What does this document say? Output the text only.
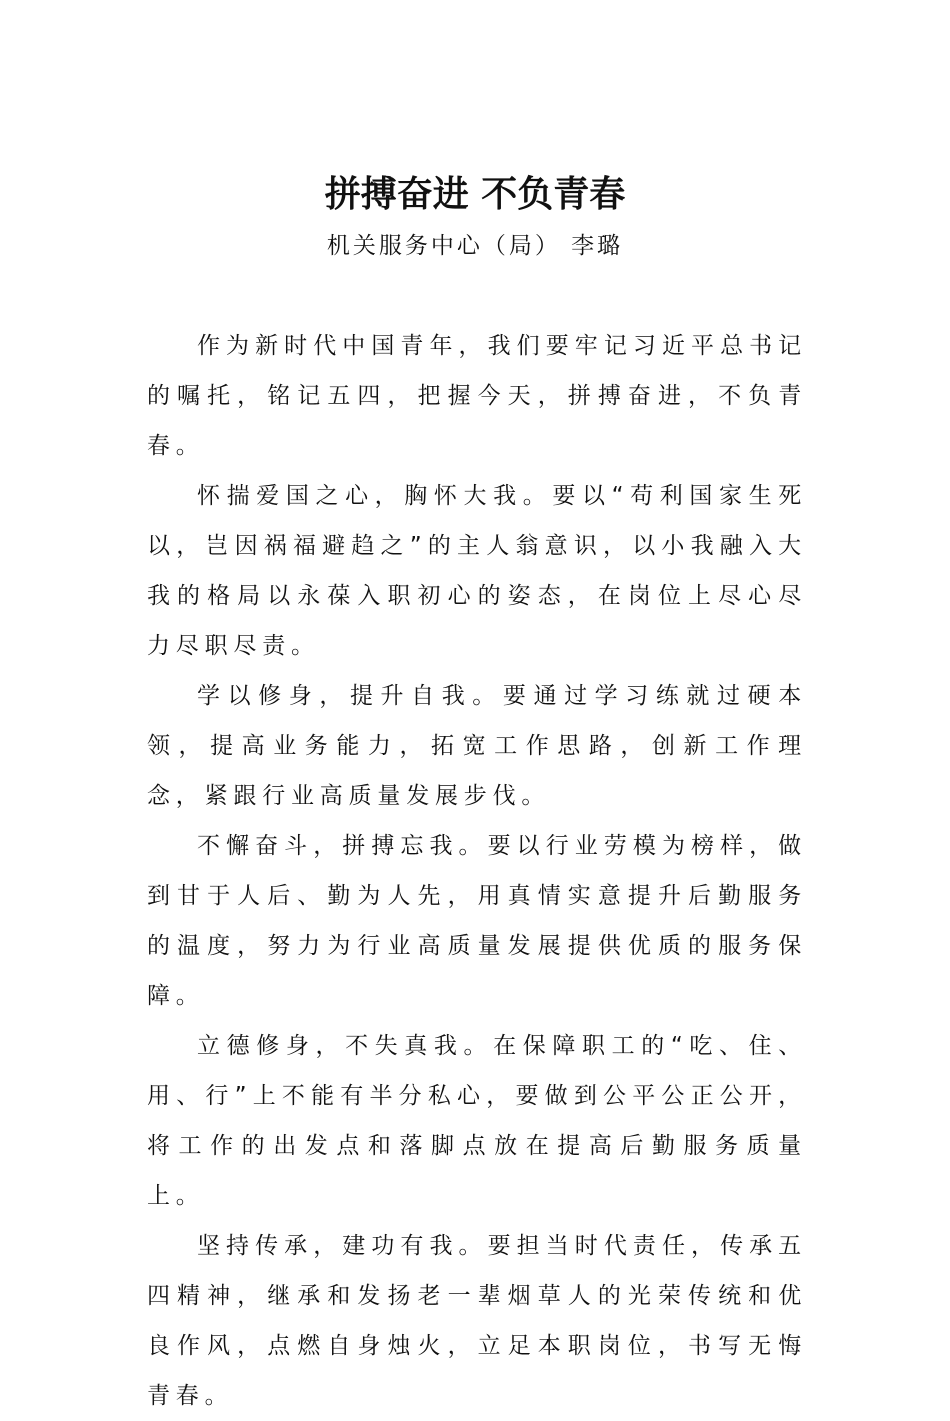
拼搏奋进 不负青春
机关服务中心（局） 李璐

作为新时代中国青年，我们要牢记习近平总书记的嘱托，铭记五四，把握今天，拼搏奋进，不负青春。

怀揣爱国之心，胸怀大我。要以“苟利国家生死以，岂因祸福避趋之”的主人翁意识，以小我融入大我的格局以永葆入职初心的姿态，在岗位上尽心尽力尽职尽责。

学以修身，提升自我。要通过学习练就过硬本领，提高业务能力，拓宽工作思路，创新工作理念，紧跟行业高质量发展步伐。

不懈奋斗，拼搏忘我。要以行业劳模为榜样，做到甘于人后、勤为人先，用真情实意提升后勤服务的温度，努力为行业高质量发展提供优质的服务保障。

立德修身，不失真我。在保障职工的“吃、住、用、行”上不能有半分私心，要做到公平公正公开，将工作的出发点和落脚点放在提高后勤服务质量上。

坚持传承，建功有我。要担当时代责任，传承五四精神，继承和发扬老一辈烟草人的光荣传统和优良作风，点燃自身烛火，立足本职岗位，书写无悔青春。
